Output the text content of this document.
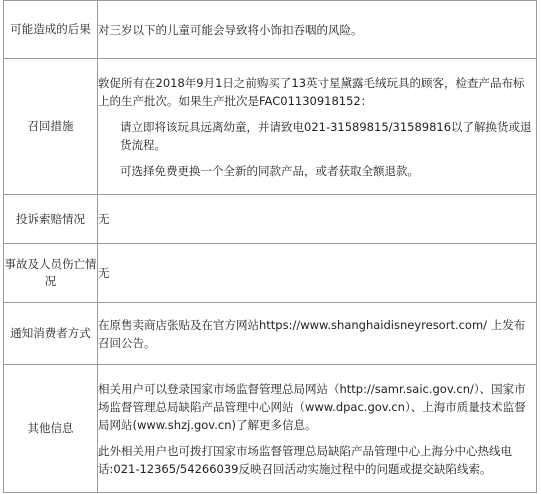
可能造成的后果	对三岁以下的儿童可能会导致将小饰扣吞咽的风险。

召回措施	敦促所有在2018年9月1日之前购买了13英寸星黛露毛绒玩具的顾客，检查产品布标上的生产批次。如果生产批次是FAC01130918152：

请立即将该玩具远离幼童，并请致电021-31589815/31589816以了解换货或退货流程。

可选择免费更换一个全新的同款产品，或者获取全额退款。

投诉索赔情况	无

事故及人员伤亡情况	无

通知消费者方式	在原售卖商店张贴及在官方网站https://www.shanghaidisneyresort.com/ 上发布召回公告。

其他信息	相关用户可以登录国家市场监督管理总局网站（http://samr.saic.gov.cn/）、国家市场监督管理总局缺陷产品管理中心网站（www.dpac.gov.cn）、上海市质量技术监督局网站(www.shzj.gov.cn)了解更多信息。

此外相关用户也可拨打国家市场监督管理总局缺陷产品管理中心上海分中心热线电话:021-12365/54266039反映召回活动实施过程中的问题或提交缺陷线索。
